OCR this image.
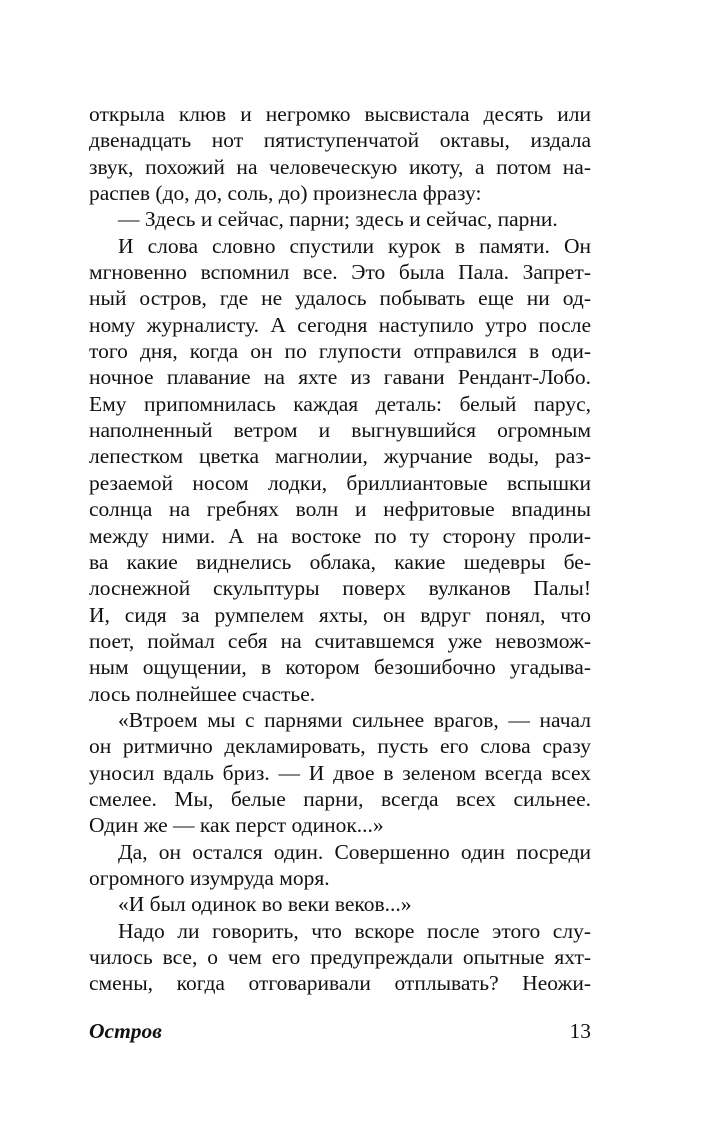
открыла клюв и негромко высвистала десять или
двенадцать нот пятиступенчатой октавы, издала
звук, похожий на человеческую икоту, а потом на-
распев (до, до, соль, до) произнесла фразу:
— Здесь и сейчас, парни; здесь и сейчас, парни.
И слова словно спустили курок в памяти. Он
мгновенно вспомнил все. Это была Пала. Запрет-
ный остров, где не удалось побывать еще ни од-
ному журналисту. А сегодня наступило утро после
того дня, когда он по глупости отправился в оди-
ночное плавание на яхте из гавани Рендант-Лобо.
Ему припомнилась каждая деталь: белый парус,
наполненный ветром и выгнувшийся огромным
лепестком цветка магнолии, журчание воды, раз-
резаемой носом лодки, бриллиантовые вспышки
солнца на гребнях волн и нефритовые впадины
между ними. А на востоке по ту сторону проли-
ва какие виднелись облака, какие шедевры бе-
лоснежной скульптуры поверх вулканов Палы!
И, сидя за румпелем яхты, он вдруг понял, что
поет, поймал себя на считавшемся уже невозмож-
ным ощущении, в котором безошибочно угадыва-
лось полнейшее счастье.
«Втроем мы с парнями сильнее врагов, — начал
он ритмично декламировать, пусть его слова сразу
уносил вдаль бриз. — И двое в зеленом всегда всех
смелее. Мы, белые парни, всегда всех сильнее.
Один же — как перст одинок...»
Да, он остался один. Совершенно один посреди
огромного изумруда моря.
«И был одинок во веки веков...»
Надо ли говорить, что вскоре после этого слу-
чилось все, о чем его предупреждали опытные яхт-
смены, когда отговаривали отплывать? Неожи-
Остров	13
